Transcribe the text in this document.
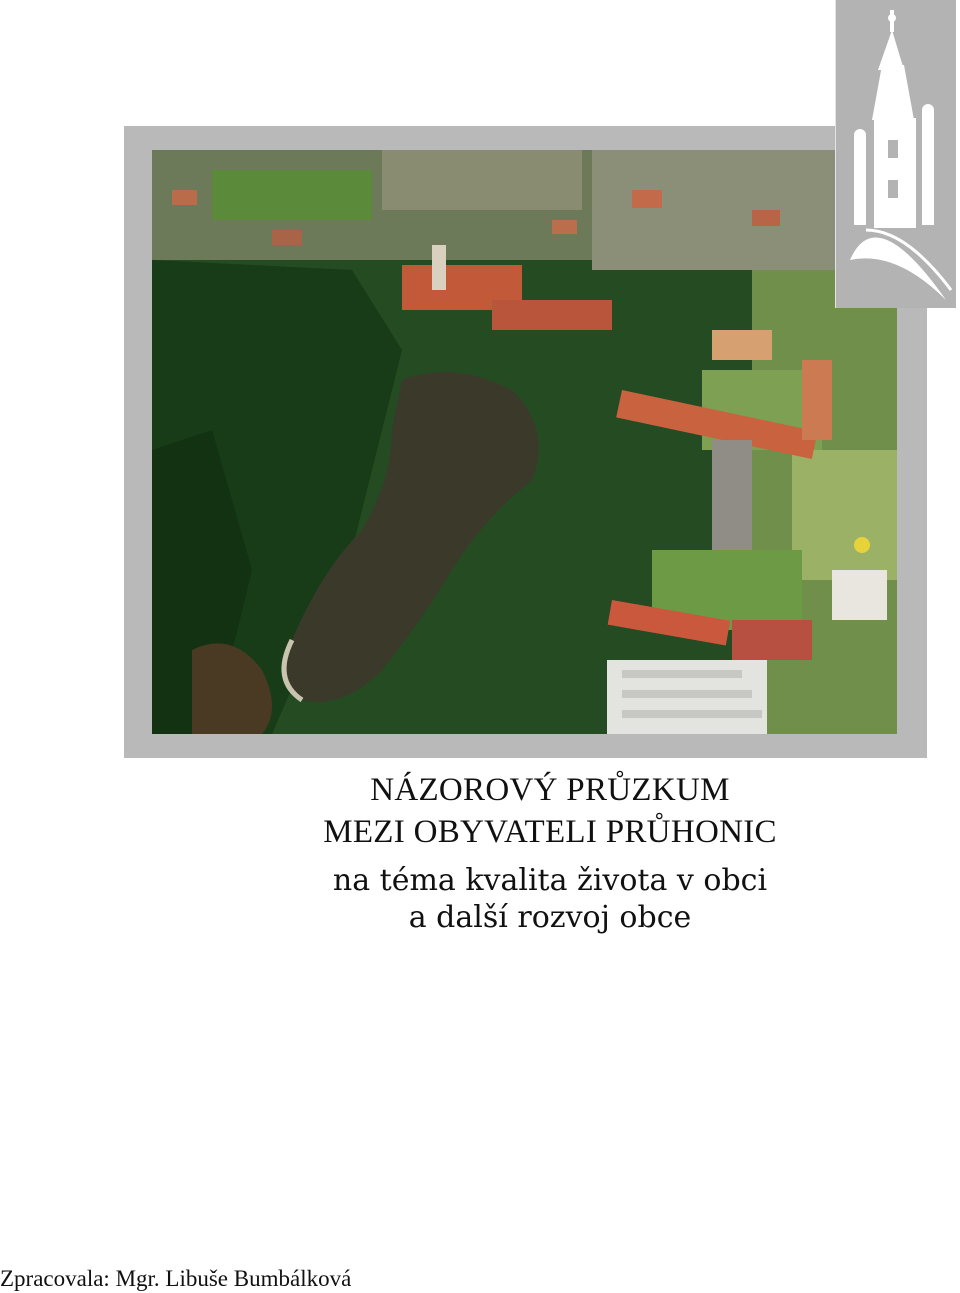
NÁZOROVÝ PRŮZKUM
MEZI OBYVATELI PRŮHONIC
na téma kvalita života v obci
a další rozvoj obce
Zpracovala: Mgr. Libuše Bumbálková
